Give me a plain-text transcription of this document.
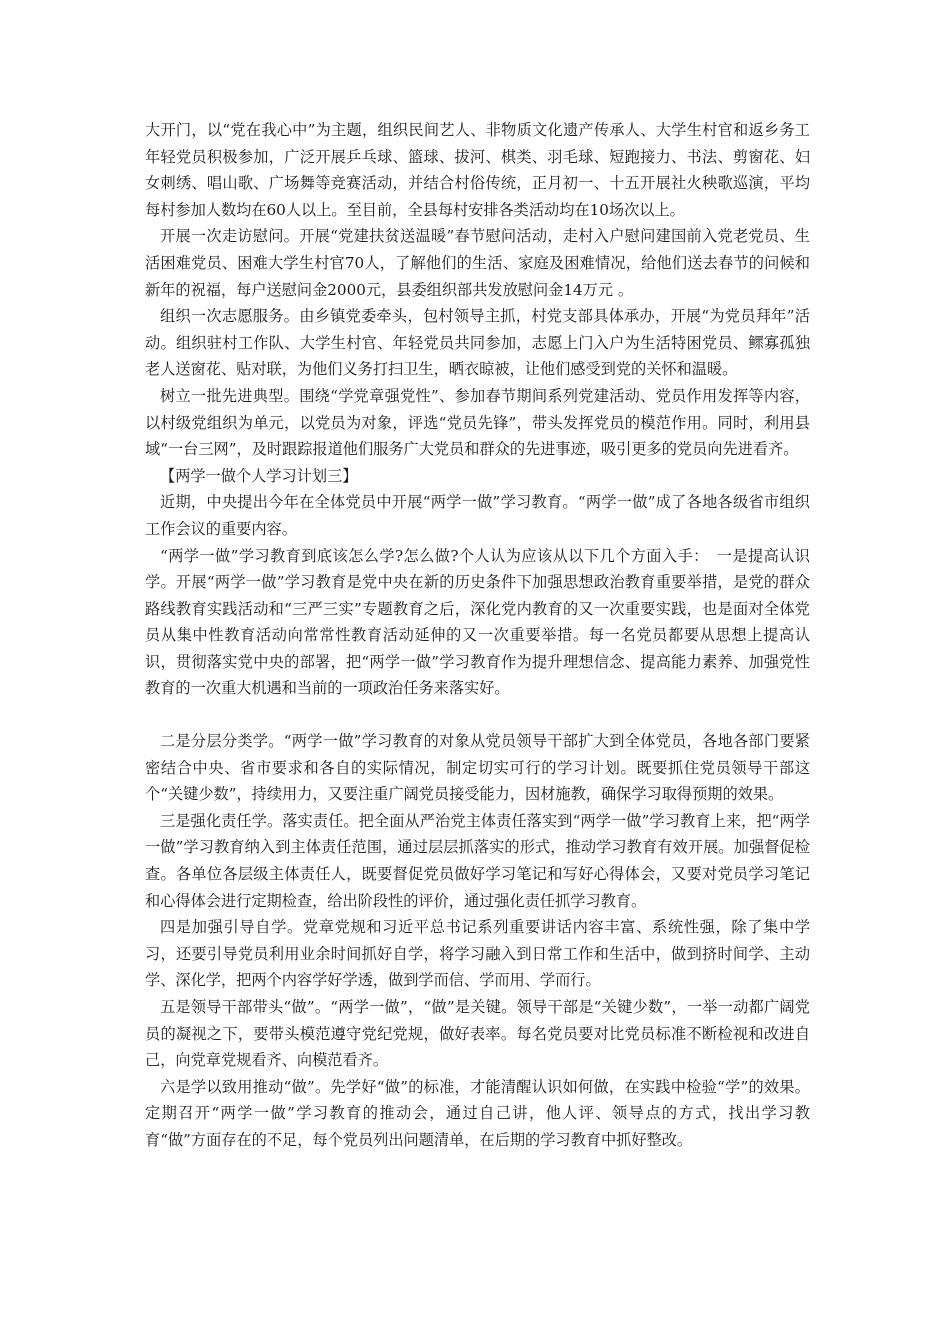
大开门，以“党在我心中”为主题，组织民间艺人、非物质文化遗产传承人、大学生村官和返乡务工年轻党员积极参加，广泛开展乒乓球、篮球、拔河、棋类、羽毛球、短跑接力、书法、剪窗花、妇女刺绣、唱山歌、广场舞等竞赛活动，并结合村俗传统，正月初一、十五开展社火秧歌巡演，平均每村参加人数均在60人以上。至目前，全县每村安排各类活动均在10场次以上。

开展一次走访慰问。开展“党建扶贫送温暖”春节慰问活动，走村入户慰问建国前入党老党员、生活困难党员、困难大学生村官70人，了解他们的生活、家庭及困难情况，给他们送去春节的问候和新年的祝福，每户送慰问金2000元，县委组织部共发放慰问金14万元 。

组织一次志愿服务。由乡镇党委牵头，包村领导主抓，村党支部具体承办，开展“为党员拜年”活动。组织驻村工作队、大学生村官、年轻党员共同参加，志愿上门入户为生活特困党员、鳏寡孤独老人送窗花、贴对联，为他们义务打扫卫生，晒衣晾被，让他们感受到党的关怀和温暖。

树立一批先进典型。围绕“学党章强党性”、参加春节期间系列党建活动、党员作用发挥等内容，以村级党组织为单元，以党员为对象，评选“党员先锋”，带头发挥党员的模范作用。同时，利用县域“一台三网”，及时跟踪报道他们服务广大党员和群众的先进事迹，吸引更多的党员向先进看齐。

【两学一做个人学习计划三】

近期，中央提出今年在全体党员中开展“两学一做”学习教育。“两学一做”成了各地各级省市组织工作会议的重要内容。

“两学一做”学习教育到底该怎么学?怎么做?个人认为应该从以下几个方面入手：　一是提高认识学。开展“两学一做”学习教育是党中央在新的历史条件下加强思想政治教育重要举措，是党的群众路线教育实践活动和“三严三实”专题教育之后，深化党内教育的又一次重要实践，也是面对全体党员从集中性教育活动向常常性教育活动延伸的又一次重要举措。每一名党员都要从思想上提高认识，贯彻落实党中央的部署，把“两学一做”学习教育作为提升理想信念、提高能力素养、加强党性教育的一次重大机遇和当前的一项政治任务来落实好。

二是分层分类学。“两学一做”学习教育的对象从党员领导干部扩大到全体党员，各地各部门要紧密结合中央、省市要求和各自的实际情况，制定切实可行的学习计划。既要抓住党员领导干部这个“关键少数”，持续用力，又要注重广阔党员接受能力，因材施教，确保学习取得预期的效果。

三是强化责任学。落实责任。把全面从严治党主体责任落实到“两学一做”学习教育上来，把“两学一做”学习教育纳入到主体责任范围，通过层层抓落实的形式，推动学习教育有效开展。加强督促检查。各单位各层级主体责任人，既要督促党员做好学习笔记和写好心得体会，又要对党员学习笔记和心得体会进行定期检查，给出阶段性的评价，通过强化责任抓学习教育。

四是加强引导自学。党章党规和习近平总书记系列重要讲话内容丰富、系统性强，除了集中学习，还要引导党员利用业余时间抓好自学，将学习融入到日常工作和生活中，做到挤时间学、主动学、深化学，把两个内容学好学透，做到学而信、学而用、学而行。

五是领导干部带头“做”。“两学一做”，“做”是关键。领导干部是“关键少数”，一举一动都广阔党员的凝视之下，要带头模范遵守党纪党规，做好表率。每名党员要对比党员标准不断检视和改进自己，向党章党规看齐、向模范看齐。

六是学以致用推动“做”。先学好“做”的标准，才能清醒认识如何做，在实践中检验“学”的效果。定期召开“两学一做”学习教育的推动会，通过自己讲，他人评、领导点的方式，找出学习教育“做”方面存在的不足，每个党员列出问题清单，在后期的学习教育中抓好整改。
